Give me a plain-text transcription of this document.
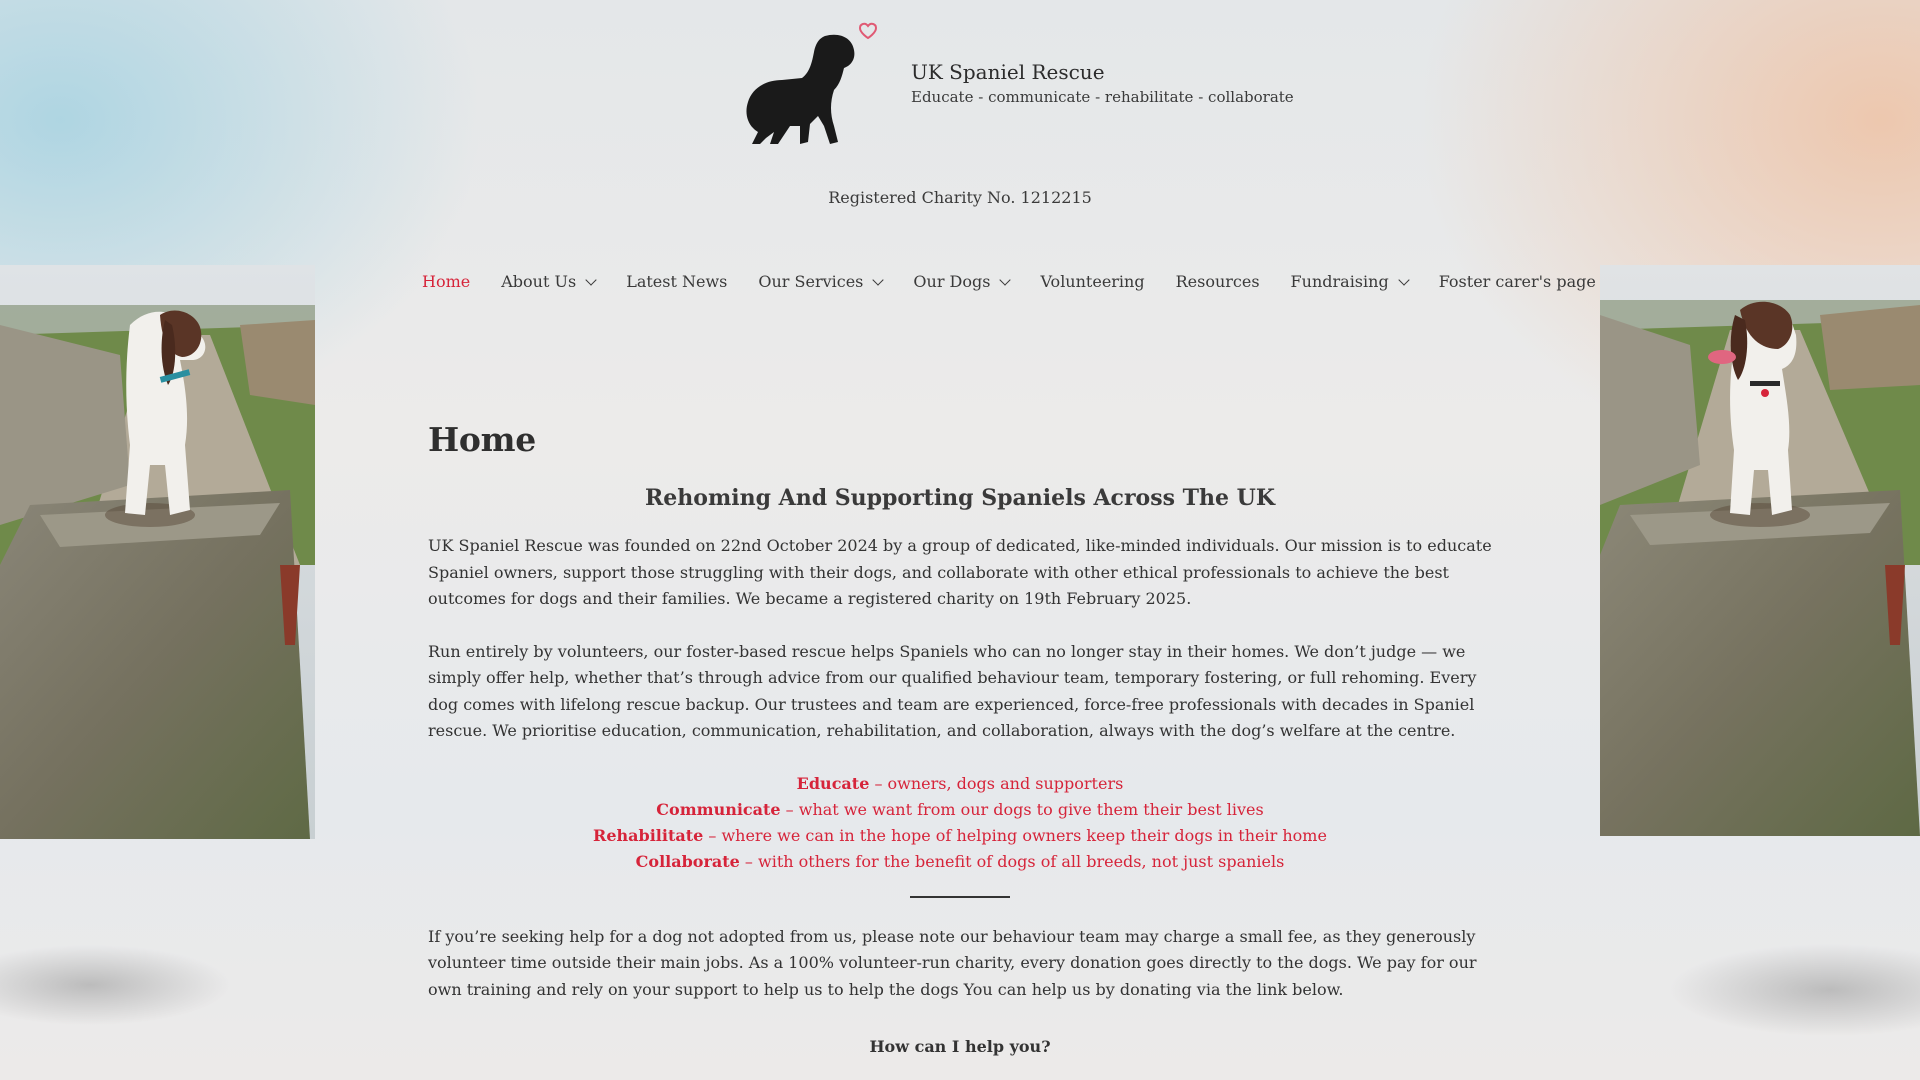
UK Spaniel Rescue
Educate - communicate - rehabilitate - collaborate
Registered Charity No. 1212215
Home About Us	Latest News Our Services	Our Dogs	Volunteering Resources Fundraising	Foster carer's page
Home
Rehoming And Supporting Spaniels Across The UK

UK Spaniel Rescue was founded on 22nd October 2024 by a group of dedicated, like-minded individuals. Our mission is to educate Spaniel owners, support those struggling with their dogs, and collaborate with other ethical professionals to achieve the best outcomes for dogs and their families. We became a registered charity on 19th February 2025.

Run entirely by volunteers, our foster-based rescue helps Spaniels who can no longer stay in their homes. We don’t judge — we simply offer help, whether that’s through advice from our qualified behaviour team, temporary fostering, or full rehoming. Every dog comes with lifelong rescue backup. Our trustees and team are experienced, force-free professionals with decades in Spaniel rescue. We prioritise education, communication, rehabilitation, and collaboration, always with the dog’s welfare at the centre.

Educate – owners, dogs and supporters
Communicate – what we want from our dogs to give them their best lives
Rehabilitate – where we can in the hope of helping owners keep their dogs in their home
Collaborate – with others for the benefit of dogs of all breeds, not just spaniels

If you’re seeking help for a dog not adopted from us, please note our behaviour team may charge a small fee, as they generously volunteer time outside their main jobs. As a 100% volunteer-run charity, every donation goes directly to the dogs. We pay for our own training and rely on your support to help us to help the dogs You can help us by donating via the link below.

How can I help you?
